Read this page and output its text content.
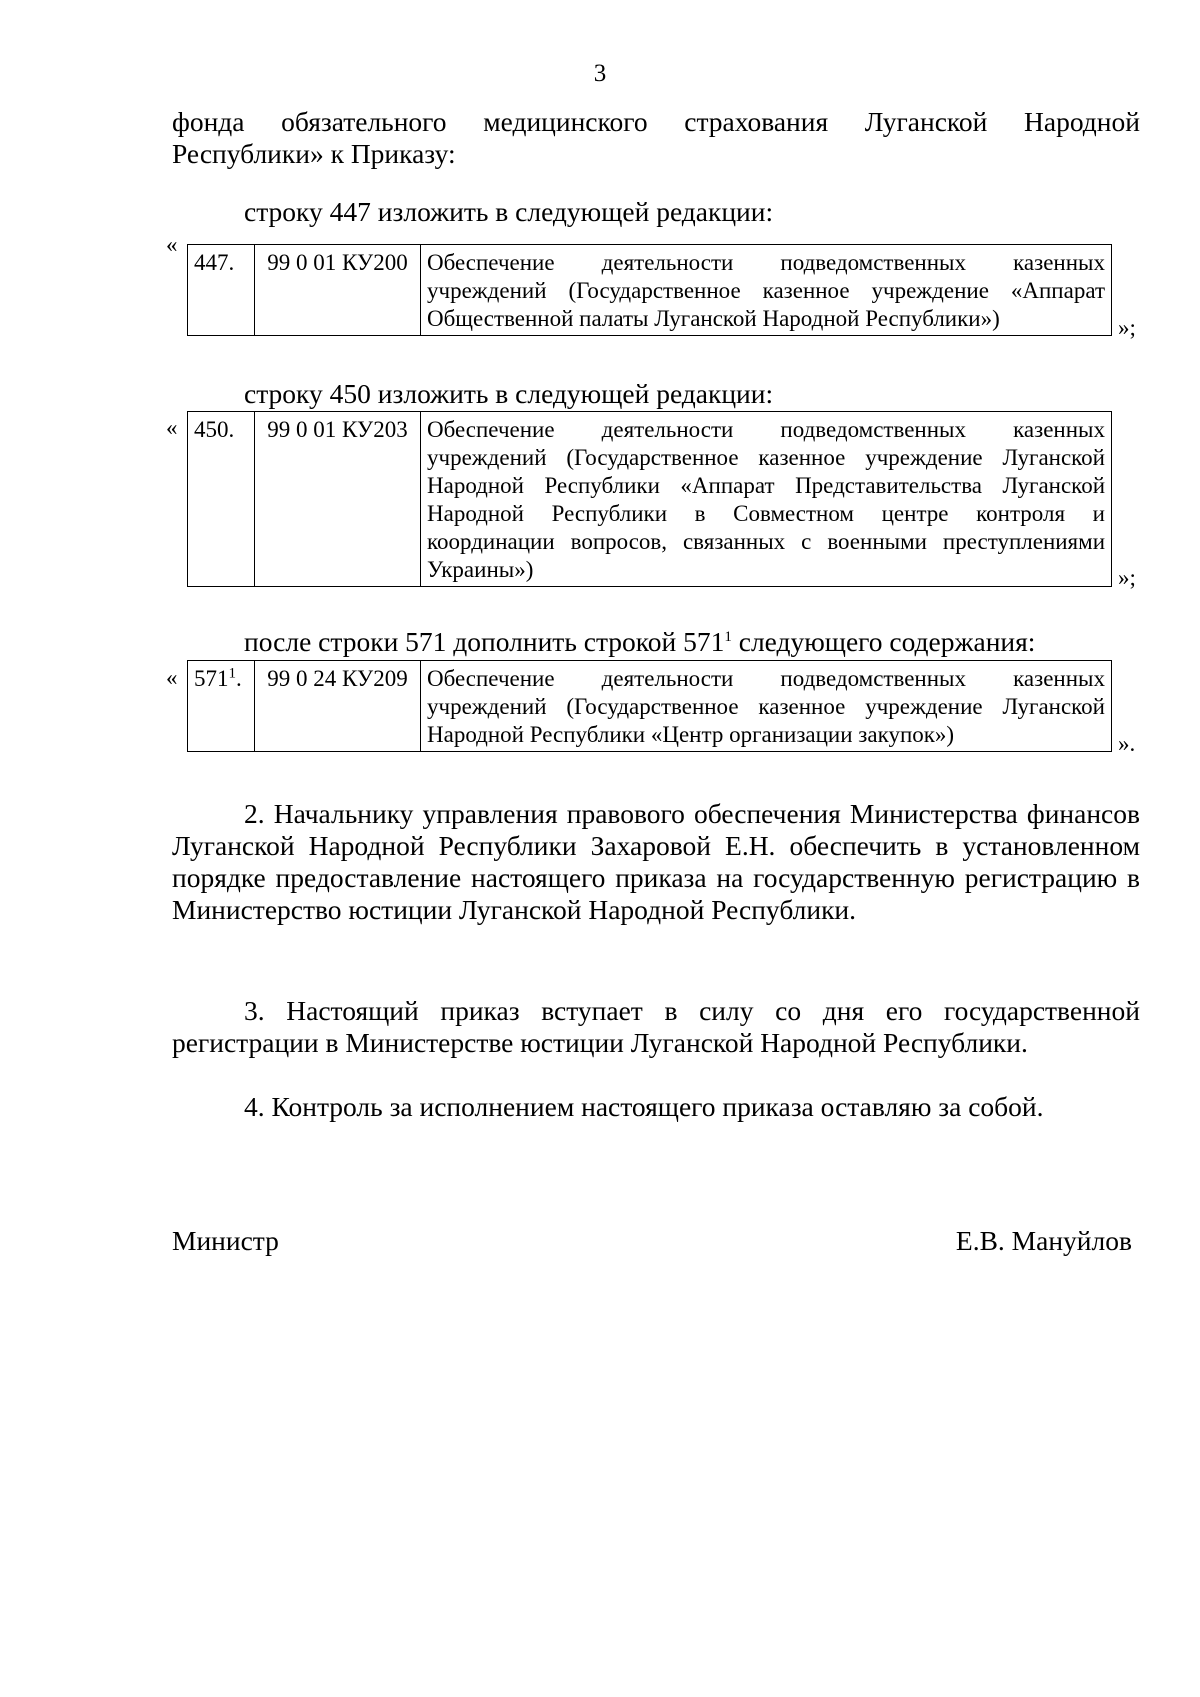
3

фонда обязательного медицинского страхования Луганской Народной Республики» к Приказу:

строку 447 изложить в следующей редакции:
«
447.	99 0 01 КУ200	Обеспечение деятельности подведомственных казенных учреждений (Государственное казенное учреждение «Аппарат Общественной палаты Луганской Народной Республики»)	»;
строку 450 изложить в следующей редакции:
« 450.	99 0 01 КУ203	Обеспечение деятельности подведомственных казенных учреждений (Государственное казенное учреждение Луганской Народной Республики «Аппарат Представительства Луганской Народной Республики в Совместном центре контроля и координации вопросов, связанных с военными преступлениями Украины»)	»;
после строки 571 дополнить строкой $571^1$ следующего содержания:
« $571^1$.	99 0 24 КУ209	Обеспечение деятельности подведомственных казенных учреждений (Государственное казенное учреждение Луганской Народной Республики «Центр организации закупок»)	».

2. Начальнику управления правового обеспечения Министерства финансов Луганской Народной Республики Захаровой Е.Н. обеспечить в установленном порядке предоставление настоящего приказа на государственную регистрацию в Министерство юстиции Луганской Народной Республики.

3. Настоящий приказ вступает в силу со дня его государственной регистрации в Министерстве юстиции Луганской Народной Республики.

4. Контроль за исполнением настоящего приказа оставляю за собой.

Министр	Е.В. Мануйлов
